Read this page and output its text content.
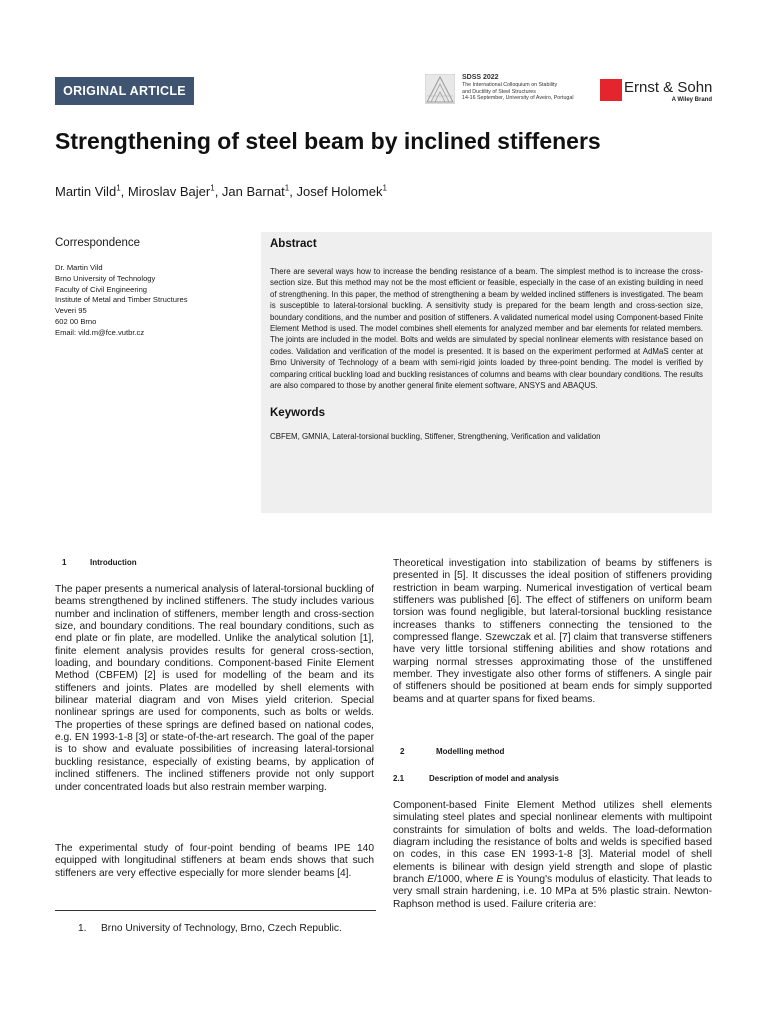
ORIGINAL ARTICLE
SDSS 2022
The International Colloquium on Stability
and Ductility of Steel Structures
14-16 September, University of Aveiro, Portugal
Ernst & Sohn
A Wiley Brand
Strengthening of steel beam by inclined stiffeners
Martin Vild$^1$, Miroslav Bajer$^1$, Jan Barnat$^1$, Josef Holomek$^1$
Correspondence
Dr. Martin Vild
Brno University of Technology
Faculty of Civil Engineering
Institute of Metal and Timber Structures
Veveri 95
602 00 Brno
Email: vild.m@fce.vutbr.cz
Abstract

There are several ways how to increase the bending resistance of a beam. The simplest method is to increase the cross-section size. But this method may not be the most efficient or feasible, especially in the case of an existing building in need of strengthening. In this paper, the method of strengthening a beam by welded inclined stiffeners is investigated. The beam is susceptible to lateral-torsional buckling. A sensitivity study is prepared for the beam length and cross-section size, boundary conditions, and the number and position of stiffeners. A validated numerical model using Component-based Finite Element Method is used. The model combines shell elements for analyzed member and bar elements for related members. The joints are included in the model. Bolts and welds are simulated by special nonlinear elements with resistance based on codes. Validation and verification of the model is presented. It is based on the experiment performed at AdMaS center at Brno University of Technology of a beam with semi-rigid joints loaded by three-point bending. The model is verified by comparing critical buckling load and buckling resistances of columns and beams with clear boundary conditions. The results are also compared to those by another general finite element software, ANSYS and ABAQUS.

Keywords

CBFEM, GMNIA, Lateral-torsional buckling, Stiffener, Strengthening, Verification and validation

1	Introduction

The paper presents a numerical analysis of lateral-torsional buckling of beams strengthened by inclined stiffeners. The study includes various number and inclination of stiffeners, member length and cross-section size, and boundary conditions. The real boundary conditions, such as end plate or fin plate, are modelled. Unlike the analytical solution [1], finite element analysis provides results for general cross-section, loading, and boundary conditions. Component-based Finite Element Method (CBFEM) [2] is used for modelling of the beam and its stiffeners and joints. Plates are modelled by shell elements with bilinear material diagram and von Mises yield criterion. Special nonlinear springs are used for components, such as bolts or welds. The properties of these springs are defined based on national codes, e.g. EN 1993-1-8 [3] or state-of-the-art research. The goal of the paper is to show and evaluate possibilities of increasing lateral-torsional buckling resistance, especially of existing beams, by application of inclined stiffeners. The inclined stiffeners provide not only support under concentrated loads but also restrain member warping.

The experimental study of four-point bending of beams IPE 140 equipped with longitudinal stiffeners at beam ends shows that such stiffeners are very effective especially for more slender beams [4].

1. Brno University of Technology, Brno, Czech Republic.

Theoretical investigation into stabilization of beams by stiffeners is presented in [5]. It discusses the ideal position of stiffeners providing restriction in beam warping. Numerical investigation of vertical beam stiffeners was published [6]. The effect of stiffeners on uniform beam torsion was found negligible, but lateral-torsional buckling resistance increases thanks to stiffeners connecting the tensioned to the compressed flange. Szewczak et al. [7] claim that transverse stiffeners have very little torsional stiffening abilities and show rotations and warping normal stresses approximating those of the unstiffened member. They investigate also other forms of stiffeners. A single pair of stiffeners should be positioned at beam ends for simply supported beams and at quarter spans for fixed beams.

2	Modelling method
2.1	Description of model and analysis

Component-based Finite Element Method utilizes shell elements simulating steel plates and special nonlinear elements with multipoint constraints for simulation of bolts and welds. The load-deformation diagram including the resistance of bolts and welds is specified based on codes, in this case EN 1993-1-8 [3]. Material model of shell elements is bilinear with design yield strength and slope of plastic branch E/1000, where E is Young's modulus of elasticity. That leads to very small strain hardening, i.e. 10 MPa at 5% plastic strain. Newton-Raphson method is used. Failure criteria are:
